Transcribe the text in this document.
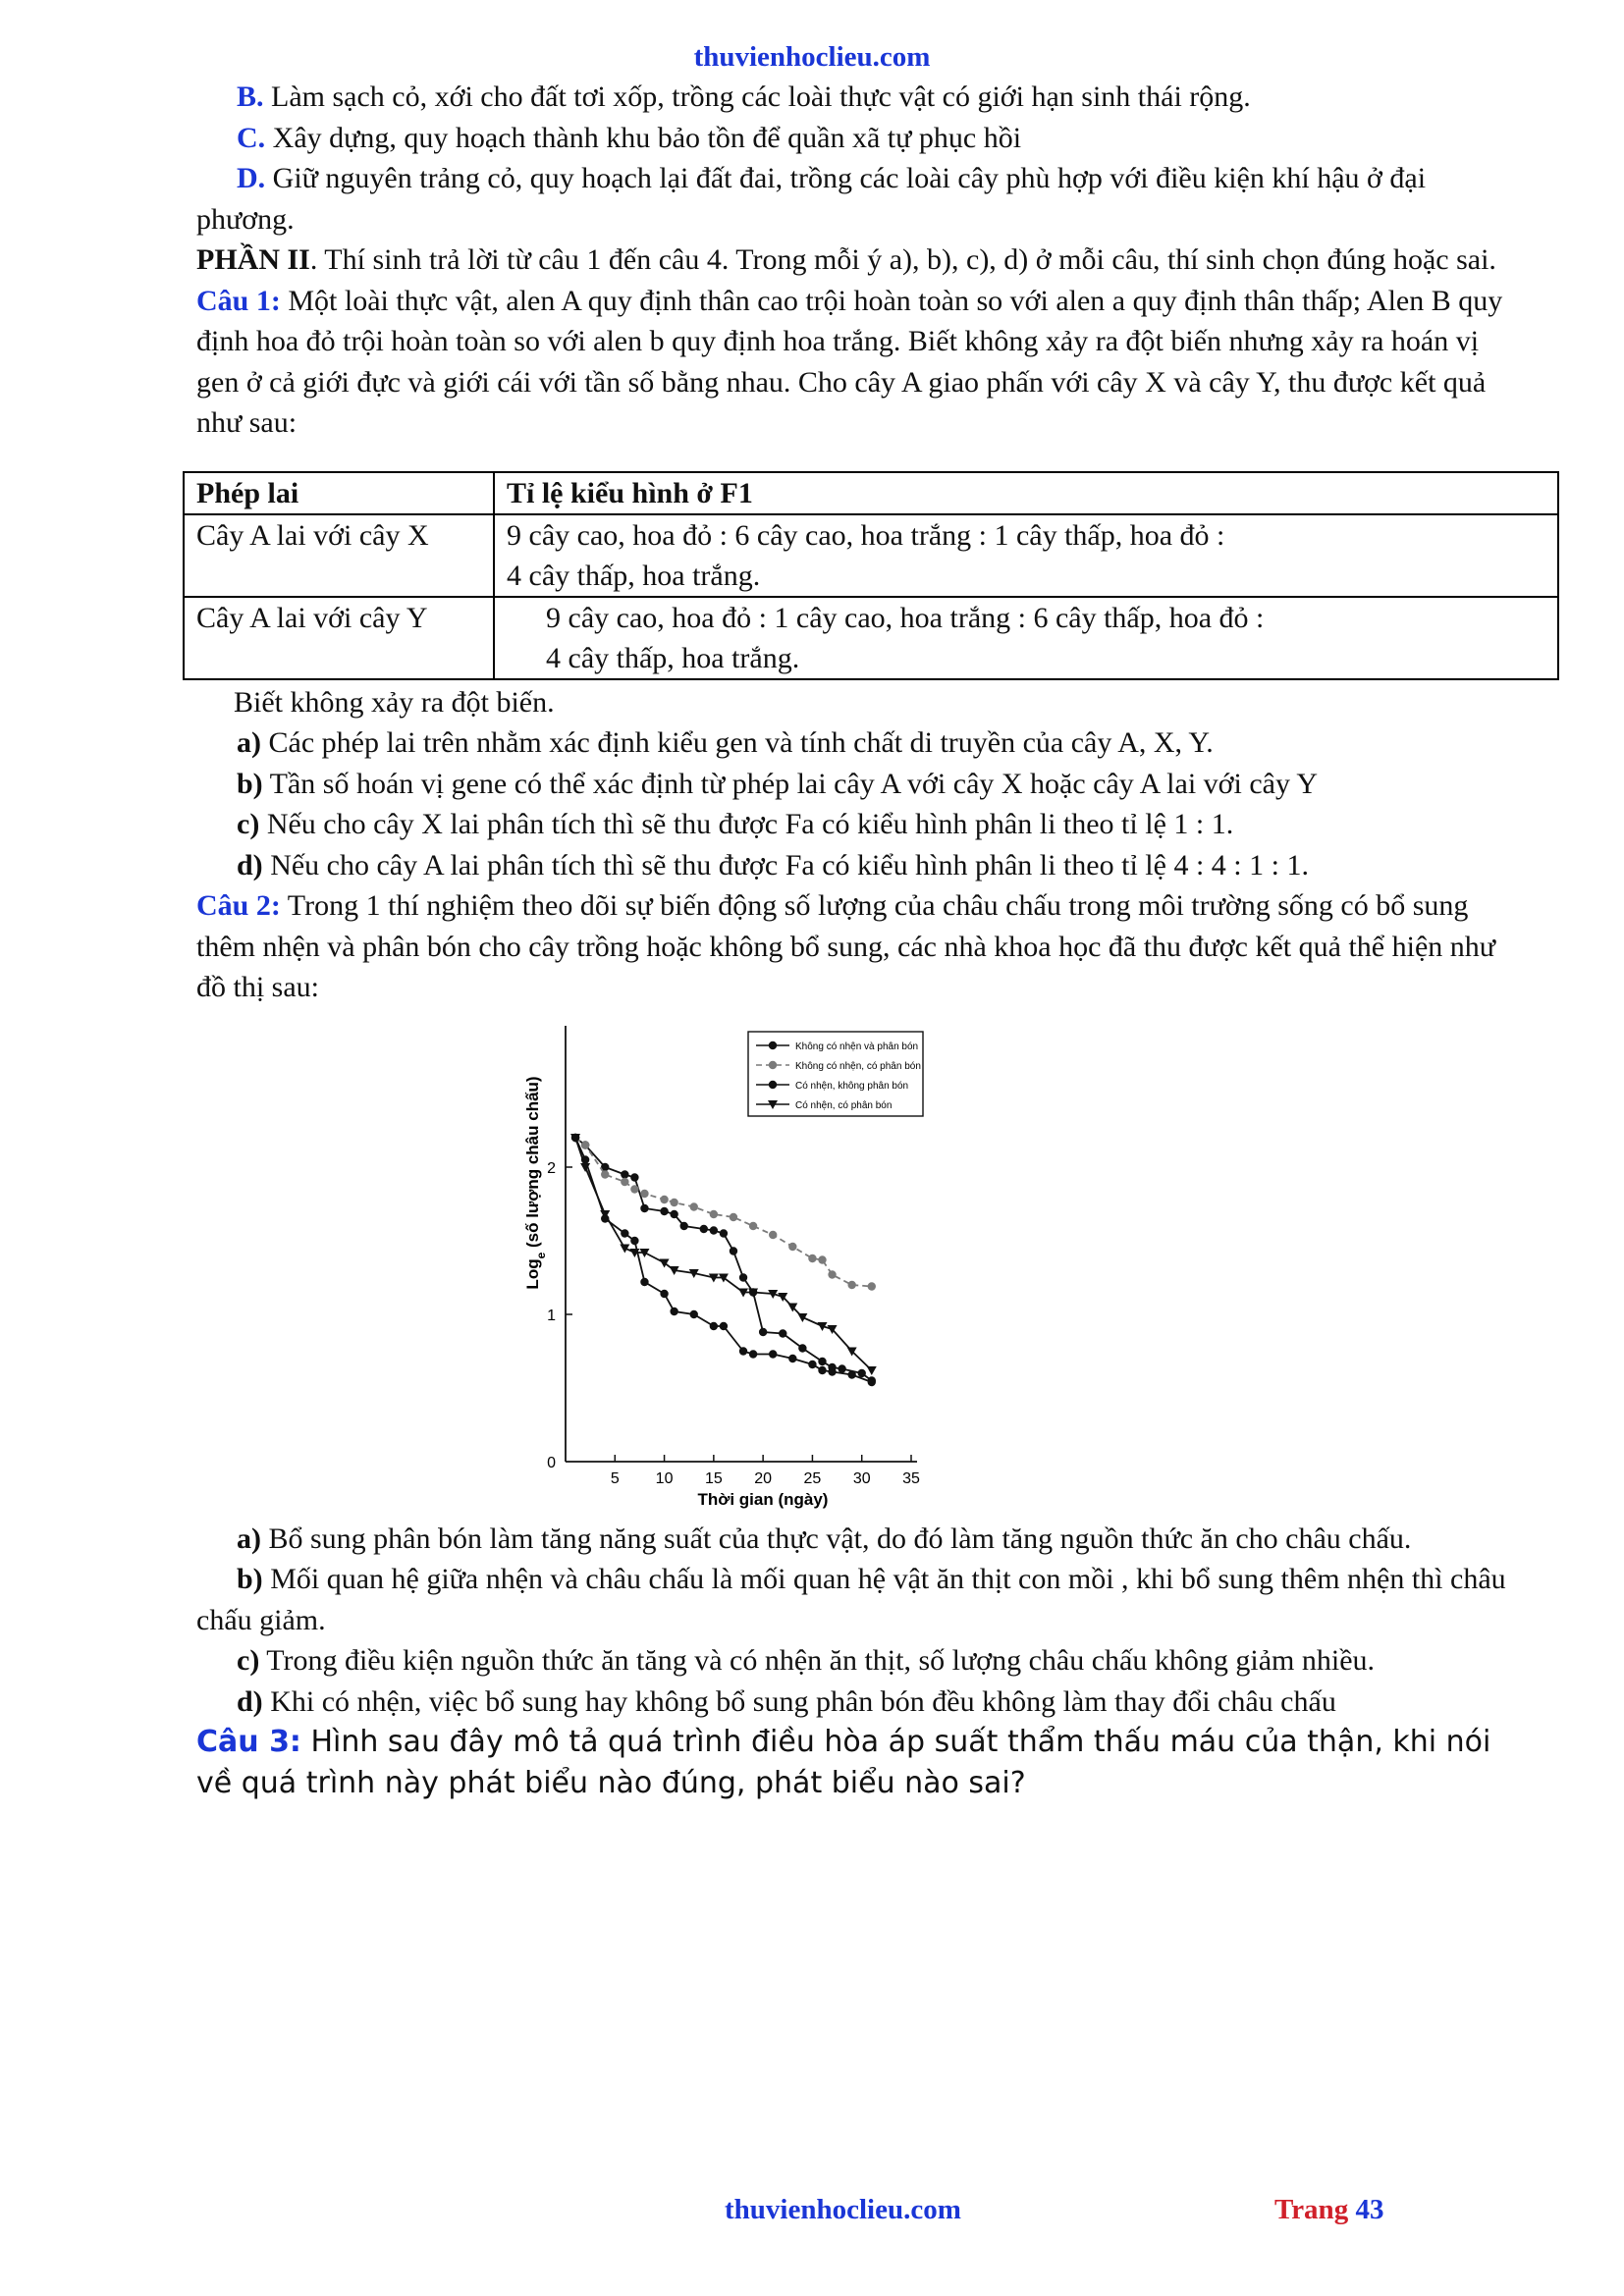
thuvienhoclieu.com

B. Làm sạch cỏ, xới cho đất tơi xốp, trồng các loài thực vật có giới hạn sinh thái rộng.

C. Xây dựng, quy hoạch thành khu bảo tồn để quần xã tự phục hồi

D. Giữ nguyên trảng cỏ, quy hoạch lại đất đai, trồng các loài cây phù hợp với điều kiện khí hậu ở đại phương.

PHẦN II. Thí sinh trả lời từ câu 1 đến câu 4. Trong mỗi ý a), b), c), d) ở mỗi câu, thí sinh chọn đúng hoặc sai.

Câu 1: Một loài thực vật, alen A quy định thân cao trội hoàn toàn so với alen a quy định thân thấp; Alen B quy định hoa đỏ trội hoàn toàn so với alen b quy định hoa trắng. Biết không xảy ra đột biến nhưng xảy ra hoán vị gen ở cả giới đực và giới cái với tần số bằng nhau. Cho cây A giao phấn với cây X và cây Y, thu được kết quả như sau:

Phép lai	Tỉ lệ kiểu hình ở F1
Cây A lai với cây X	9 cây cao, hoa đỏ : 6 cây cao, hoa trắng : 1 cây thấp, hoa đỏ :
4 cây thấp, hoa trắng.
Cây A lai với cây Y	9 cây cao, hoa đỏ : 1 cây cao, hoa trắng : 6 cây thấp, hoa đỏ :
4 cây thấp, hoa trắng.

Biết không xảy ra đột biến.

a) Các phép lai trên nhằm xác định kiểu gen và tính chất di truyền của cây A, X, Y.

b) Tần số hoán vị gene có thể xác định từ phép lai cây A với cây X hoặc cây A lai với cây Y

c) Nếu cho cây X lai phân tích thì sẽ thu được Fa có kiểu hình phân li theo tỉ lệ 1 : 1.

d) Nếu cho cây A lai phân tích thì sẽ thu được Fa có kiểu hình phân li theo tỉ lệ 4 : 4 : 1 : 1.

Câu 2: Trong 1 thí nghiệm theo dõi sự biến động số lượng của châu chấu trong môi trường sống có bổ sung thêm nhện và phân bón cho cây trồng hoặc không bổ sung, các nhà khoa học đã thu được kết quả thể hiện như đồ thị sau:

5 10 15 20 25 30 35
0
1
2
Không có nhện và phân bón
Không có nhện, có phân bón
Có nhện, không phân bón
Có nhện, có phân bón
Thời gian (ngày)
Log$_e$ (số lượng châu chấu)

a) Bổ sung phân bón làm tăng năng suất của thực vật, do đó làm tăng nguồn thức ăn cho châu chấu.

b) Mối quan hệ giữa nhện và châu chấu là mối quan hệ vật ăn thịt con mồi , khi bổ sung thêm nhện thì châu chấu giảm.

c) Trong điều kiện nguồn thức ăn tăng và có nhện ăn thịt, số lượng châu chấu không giảm nhiều.

d) Khi có nhện, việc bổ sung hay không bổ sung phân bón đều không làm thay đổi châu chấu

Câu 3: Hình sau đây mô tả quá trình điều hòa áp suất thẩm thấu máu của thận, khi nói về quá trình này phát biểu nào đúng, phát biểu nào sai?

thuvienhoclieu.com	Trang 43
